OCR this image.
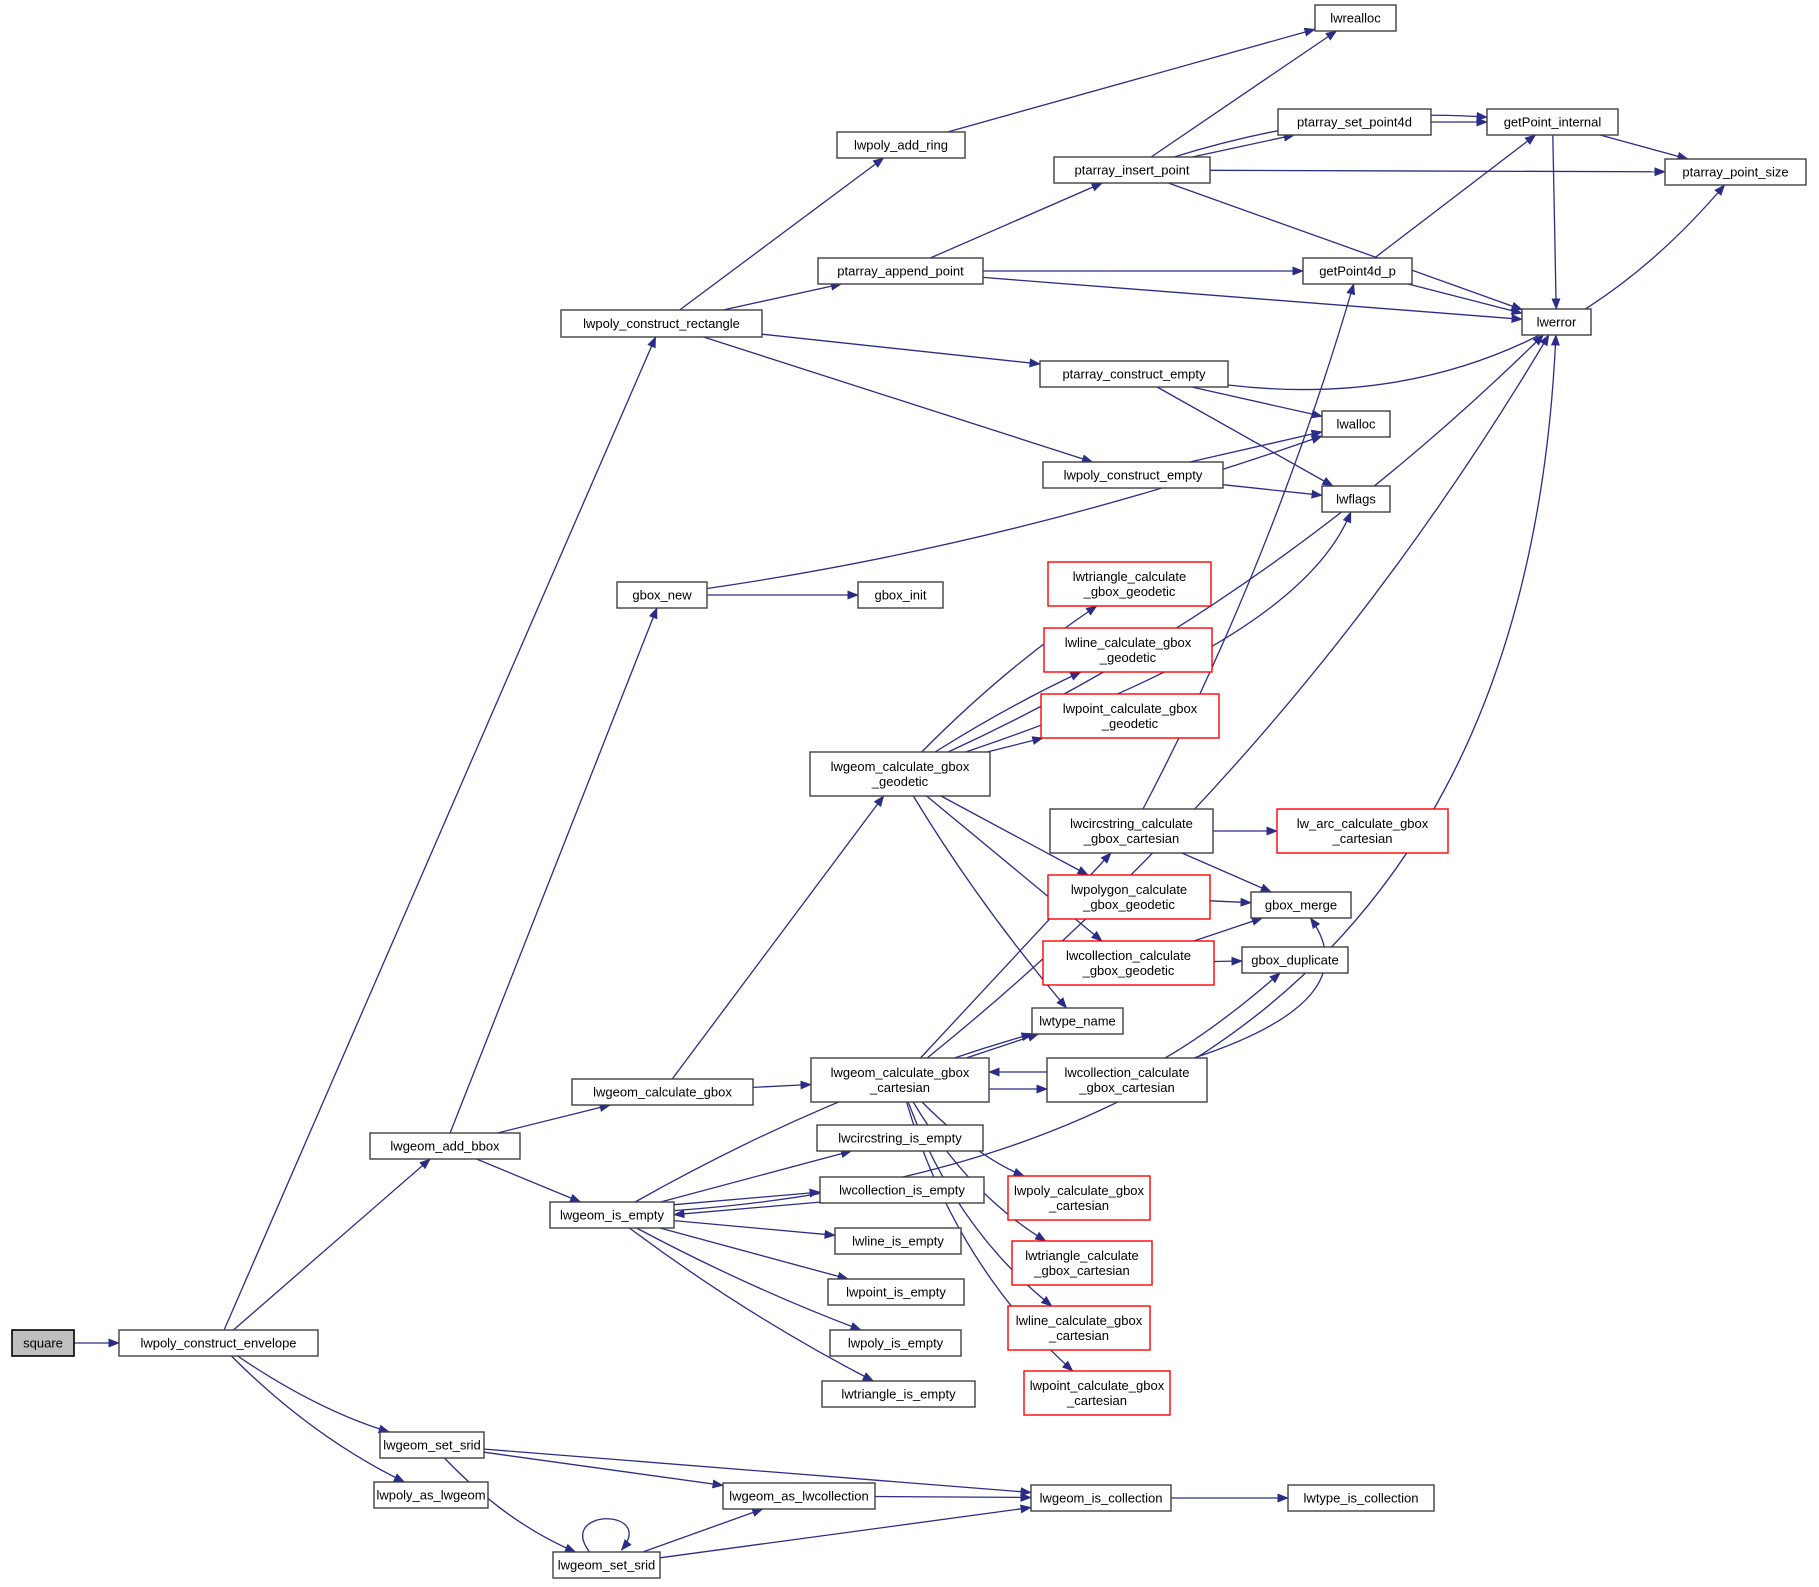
square	lwpoly_construct_envelope
lwpoly_construct_rectangle
lwpoly_add_ring
ptarray_append_point
ptarray_insert_point
lwrealloc
ptarray_set_point4d	getPoint_internal
ptarray_point_size
getPoint4d_p
lwerror
ptarray_construct_empty
lwpoly_construct_empty
lwalloc
lwflags
gbox_new	gbox_init
lwtriangle_calculate _gbox_geodetic
lwline_calculate_gbox _geodetic
lwpoint_calculate_gbox _geodetic
lwgeom_calculate_gbox _geodetic
lwcircstring_calculate _gbox_cartesian
lw_arc_calculate_gbox _cartesian
lwpolygon_calculate _gbox_geodetic	gbox_merge
lwcollection_calculate _gbox_geodetic
gbox_duplicate
lwtype_name
lwgeom_calculate_gbox
lwgeom_calculate_gbox _cartesian
lwcollection_calculate _gbox_cartesian
lwgeom_add_bbox
lwcircstring_is_empty
lwcollection_is_empty
lwline_is_empty
lwpoint_is_empty
lwpoly_is_empty
lwtriangle_is_empty
lwgeom_is_empty
lwpoly_calculate_gbox _cartesian
lwtriangle_calculate _gbox_cartesian
lwline_calculate_gbox _cartesian
lwpoint_calculate_gbox _cartesian
lwgeom_set_srid
lwpoly_as_lwgeom	lwgeom_as_lwcollection
lwgeom_set_srid
lwgeom_is_collection	lwtype_is_collection
